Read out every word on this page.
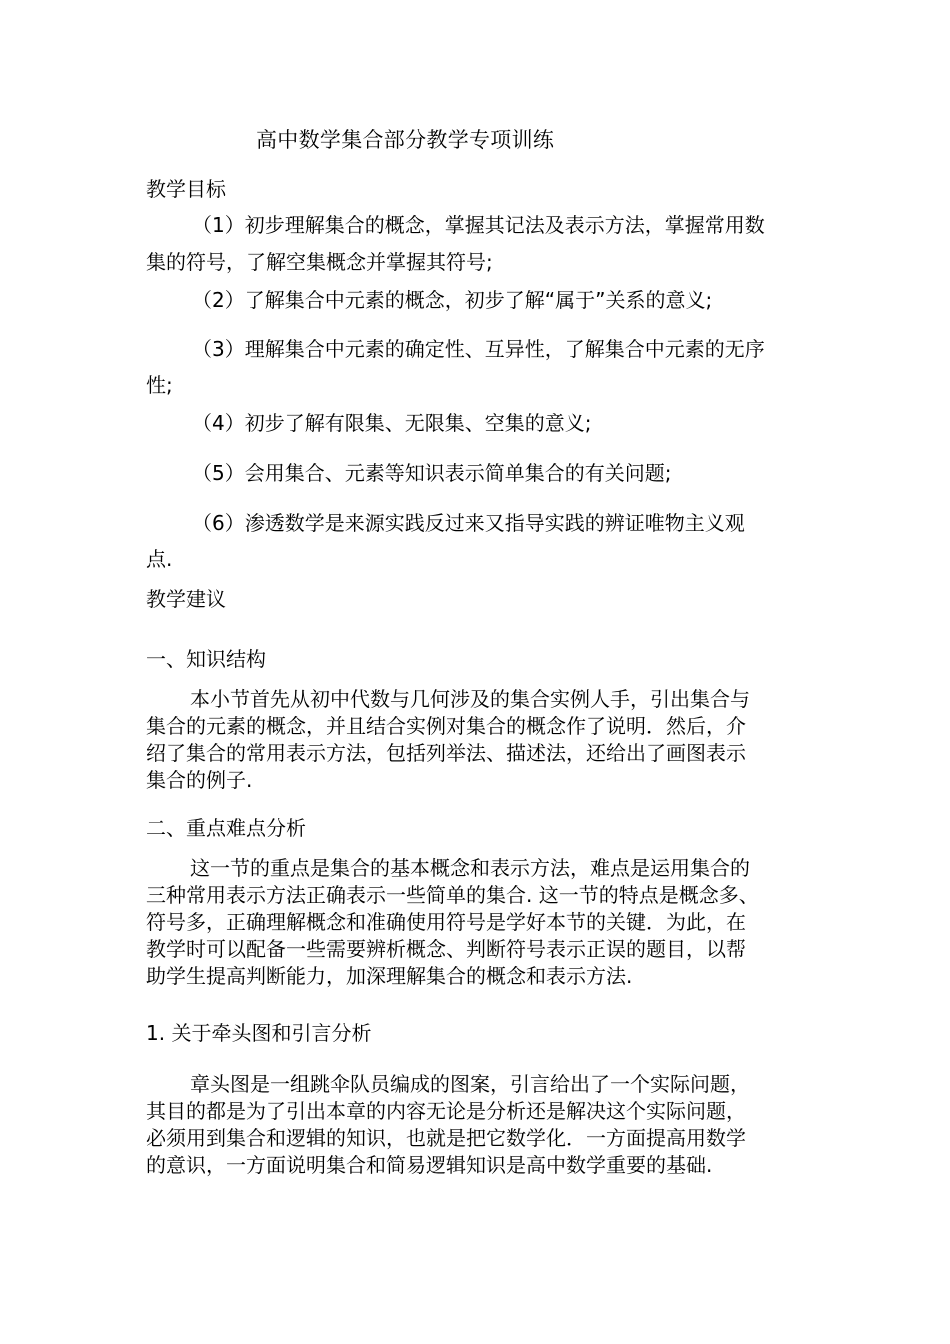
高中数学集合部分教学专项训练
教学目标
（1）初步理解集合的概念，掌握其记法及表示方法，掌握常用数
集的符号，了解空集概念并掌握其符号;
（2）了解集合中元素的概念，初步了解“属于”关系的意义;
（3）理解集合中元素的确定性、互异性，了解集合中元素的无序
性;
（4）初步了解有限集、无限集、空集的意义;
（5）会用集合、元素等知识表示简单集合的有关问题;
（6）渗透数学是来源实践反过来又指导实践的辨证唯物主义观
点.
教学建议
一、知识结构
本小节首先从初中代数与几何涉及的集合实例人手，引出集合与
集合的元素的概念，并且结合实例对集合的概念作了说明．然后，介
绍了集合的常用表示方法，包括列举法、描述法，还给出了画图表示
集合的例子.
二、重点难点分析
这一节的重点是集合的基本概念和表示方法，难点是运用集合的
三种常用表示方法正确表示一些简单的集合. 这一节的特点是概念多、
符号多，正确理解概念和准确使用符号是学好本节的关键．为此，在
教学时可以配备一些需要辨析概念、判断符号表示正误的题目，以帮
助学生提高判断能力，加深理解集合的概念和表示方法.
1. 关于牵头图和引言分析
章头图是一组跳伞队员编成的图案，引言给出了一个实际问题，
其目的都是为了引出本章的内容无论是分析还是解决这个实际问题，
必须用到集合和逻辑的知识，也就是把它数学化．一方面提高用数学
的意识，一方面说明集合和简易逻辑知识是高中数学重要的基础.
